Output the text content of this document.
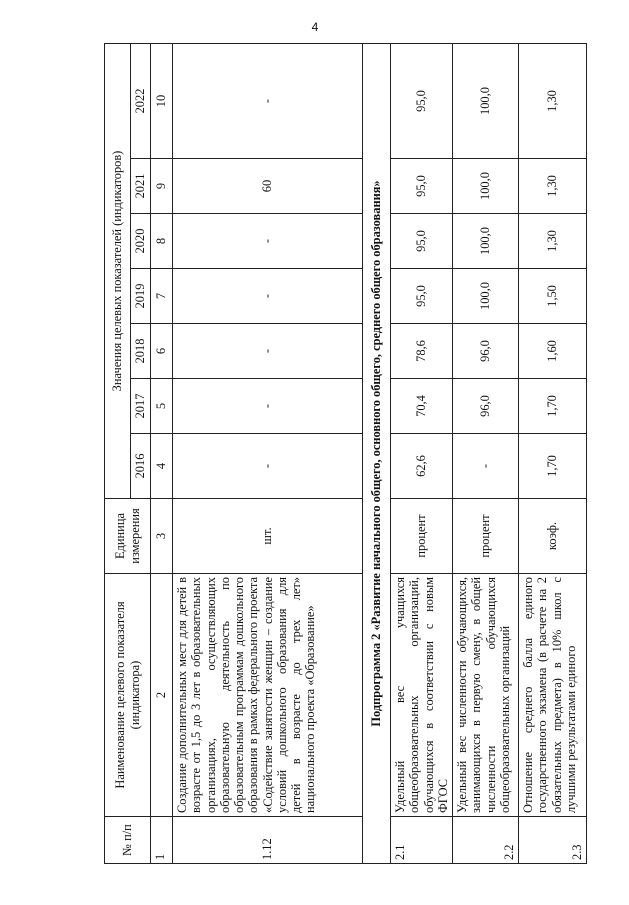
4
№ п/п	Наименование целевого показателя (индикатора)	Единица измерения	Значения целевых показателей (индикаторов)						
			2016	2017	2018	2019	2020	2021	2022
1	2	3	4	5	6	7	8	9	10
1.12	Создание дополнительных мест для детей в возрасте от 1,5 до 3 лет в образовательных организациях, осуществляющих образовательную деятельность по образовательным программам дошкольного образования в рамках федерального проекта «Содействие занятости женщин – создание условий дошкольного образования для детей в возрасте до трех лет» национального проекта «Образование»	шт.	-	-	-	-	-	60	-
Подпрограмма 2 «Развитие начального общего, основного общего, среднего общего образования»									
2.1	Удельный вес учащихся общеобразовательных организаций, обучающихся в соответствии с новым ФГОС	процент	62,6	70,4	78,6	95,0	95,0	95,0	95,0
2.2	Удельный вес численности обучающихся, занимающихся в первую смену, в общей численности обучающихся общеобразовательных организаций	процент	-	96,0	96,0	100,0	100,0	100,0	100,0
2.3	Отношение среднего балла единого государственного экзамена (в расчете на 2 обязательных предмета) в 10% школ с лучшими результатами единого	коэф.	1,70	1,70	1,60	1,50	1,30	1,30	1,30
